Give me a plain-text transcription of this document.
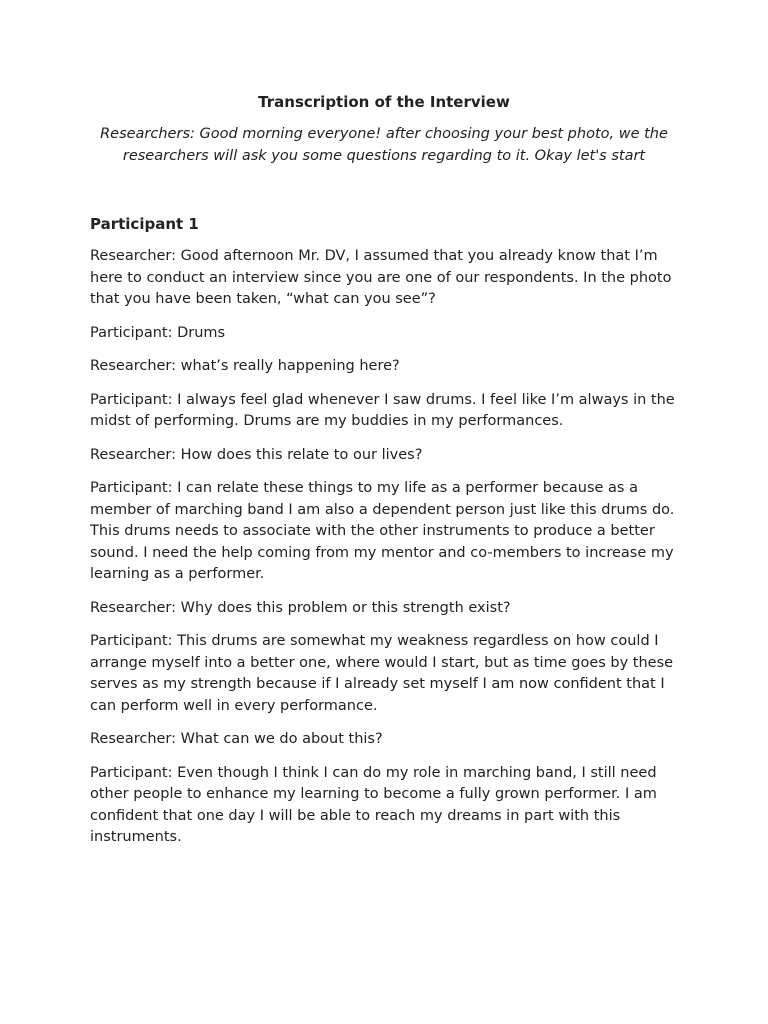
Transcription of the Interview

Researchers: Good morning everyone! after choosing your best photo, we the researchers will ask you some questions regarding to it. Okay let's start

Participant 1

Researcher: Good afternoon Mr. DV, I assumed that you already know that I’m here to conduct an interview since you are one of our respondents. In the photo that you have been taken, “what can you see”?

Participant: Drums

Researcher: what’s really happening here?

Participant: I always feel glad whenever I saw drums. I feel like I’m always in the midst of performing. Drums are my buddies in my performances.

Researcher: How does this relate to our lives?

Participant: I can relate these things to my life as a performer because as a member of marching band I am also a dependent person just like this drums do. This drums needs to associate with the other instruments to produce a better sound. I need the help coming from my mentor and co-members to increase my learning as a performer.

Researcher: Why does this problem or this strength exist?

Participant: This drums are somewhat my weakness regardless on how could I arrange myself into a better one, where would I start, but as time goes by these serves as my strength because if I already set myself I am now confident that I can perform well in every performance.

Researcher: What can we do about this?

Participant: Even though I think I can do my role in marching band, I still need other people to enhance my learning to become a fully grown performer. I am confident that one day I will be able to reach my dreams in part with this instruments.
